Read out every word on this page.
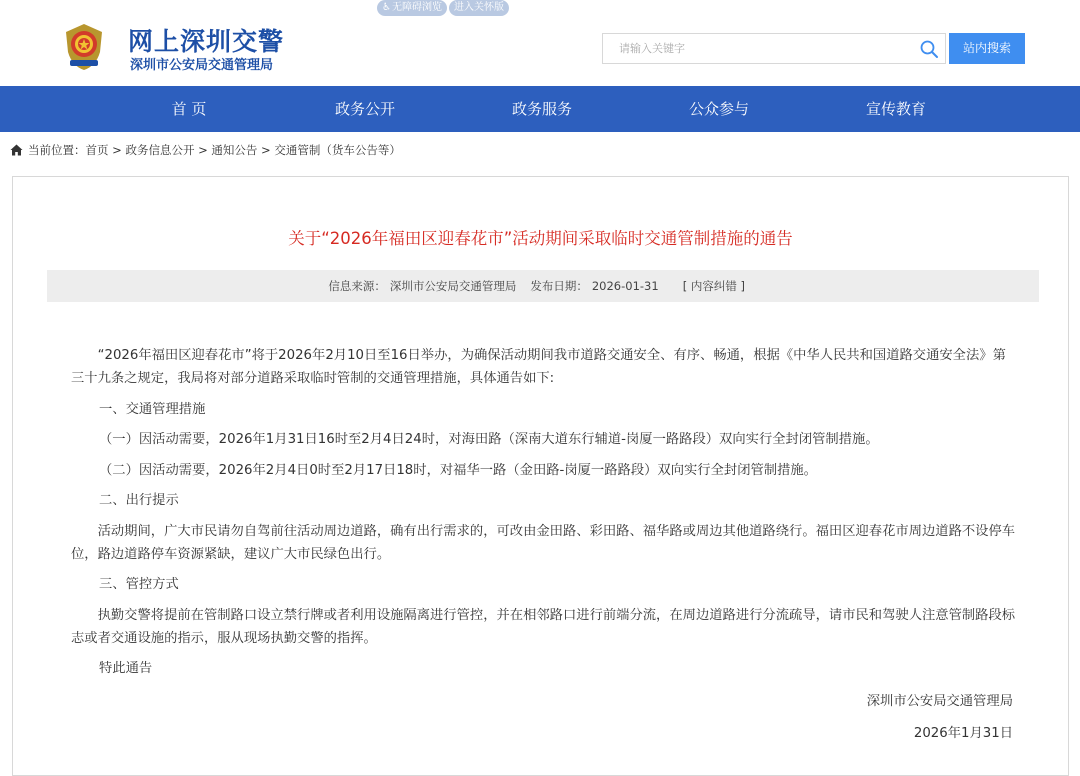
♿无障碍浏览	进入关怀版
网上深圳交警
深圳市公安局交通管理局
请输入关键字
站内搜索
首 页	政务公开	政务服务	公众参与	宣传教育
当前位置： 首页 > 政务信息公开 > 通知公告 > 交通管制（货车公告等）
关于“2026年福田区迎春花市”活动期间采取临时交通管制措施的通告
信息来源： 深圳市公安局交通管理局 发布日期： 2026-01-31 [ 内容纠错 ]
“2026年福田区迎春花市”将于2026年2月10日至16日举办，为确保活动期间我市道路交通安全、有序、畅通，根据《中华人民共和国道路交通安全法》第三十九条之规定，我局将对部分道路采取临时管制的交通管理措施，具体通告如下:
一、交通管理措施
（一）因活动需要，2026年1月31日16时至2月4日24时，对海田路（深南大道东行辅道-岗厦一路路段）双向实行全封闭管制措施。
（二）因活动需要，2026年2月4日0时至2月17日18时，对福华一路（金田路-岗厦一路路段）双向实行全封闭管制措施。
二、出行提示
活动期间，广大市民请勿自驾前往活动周边道路，确有出行需求的，可改由金田路、彩田路、福华路或周边其他道路绕行。福田区迎春花市周边道路不设停车位，路边道路停车资源紧缺，建议广大市民绿色出行。
三、管控方式
执勤交警将提前在管制路口设立禁行牌或者利用设施隔离进行管控，并在相邻路口进行前端分流，在周边道路进行分流疏导，请市民和驾驶人注意管制路段标志或者交通设施的指示，服从现场执勤交警的指挥。
特此通告
深圳市公安局交通管理局
2026年1月31日
